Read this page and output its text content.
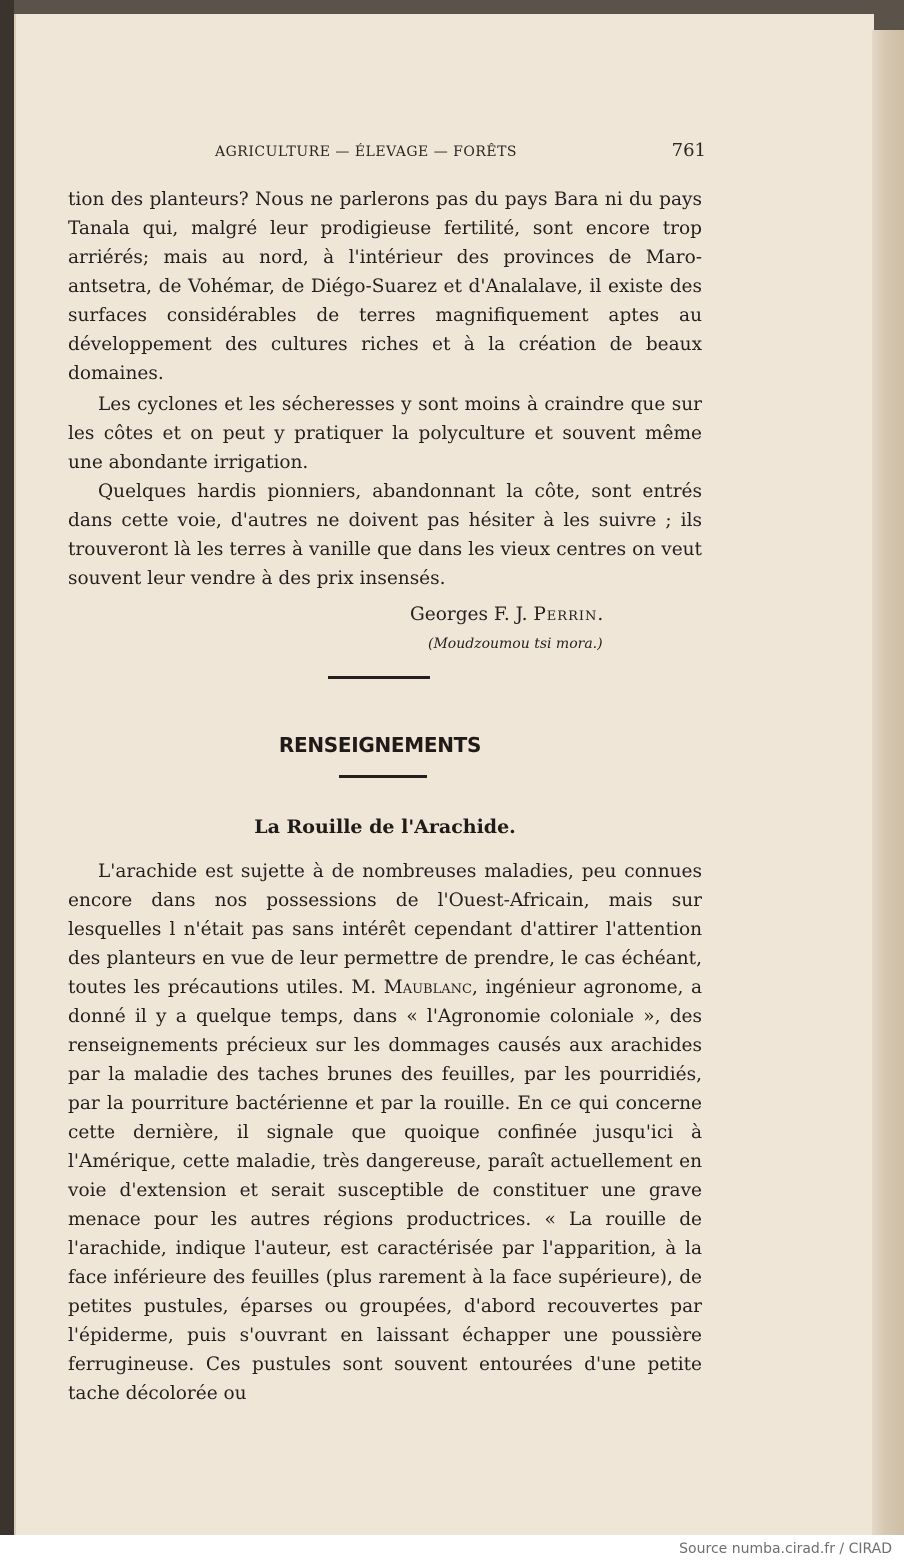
AGRICULTURE — ÉLEVAGE — FORÊTS	761

tion des planteurs? Nous ne parlerons pas du pays Bara ni du pays Tanala qui, malgré leur prodigieuse fertilité, sont encore trop arriérés; mais au nord, à l'intérieur des provinces de Maro-antsetra, de Vohémar, de Diégo-Suarez et d'Analalave, il existe des surfaces considérables de terres magnifiquement aptes au développement des cultures riches et à la création de beaux domaines.

Les cyclones et les sécheresses y sont moins à craindre que sur les côtes et on peut y pratiquer la polyculture et souvent même une abondante irrigation.

Quelques hardis pionniers, abandonnant la côte, sont entrés dans cette voie, d'autres ne doivent pas hésiter à les suivre ; ils trouveront là les terres à vanille que dans les vieux centres on veut souvent leur vendre à des prix insensés.

Georges F. J. Perrin.
(Moudzoumou tsi mora.)
RENSEIGNEMENTS
La Rouille de l'Arachide.

L'arachide est sujette à de nombreuses maladies, peu connues encore dans nos possessions de l'Ouest-Africain, mais sur lesquelles l n'était pas sans intérêt cependant d'attirer l'attention des planteurs en vue de leur permettre de prendre, le cas échéant, toutes les précautions utiles. M. Maublanc, ingénieur agronome, a donné il y a quelque temps, dans « l'Agronomie coloniale », des renseignements précieux sur les dommages causés aux arachides par la maladie des taches brunes des feuilles, par les pourridiés, par la pourriture bactérienne et par la rouille. En ce qui concerne cette dernière, il signale que quoique confinée jusqu'ici à l'Amérique, cette maladie, très dangereuse, paraît actuellement en voie d'extension et serait susceptible de constituer une grave menace pour les autres régions productrices. « La rouille de l'arachide, indique l'auteur, est caractérisée par l'apparition, à la face inférieure des feuilles (plus rarement à la face supérieure), de petites pustules, éparses ou groupées, d'abord recouvertes par l'épiderme, puis s'ouvrant en laissant échapper une poussière ferrugineuse. Ces pustules sont souvent entourées d'une petite tache décolorée ou

Source numba.cirad.fr / CIRAD
